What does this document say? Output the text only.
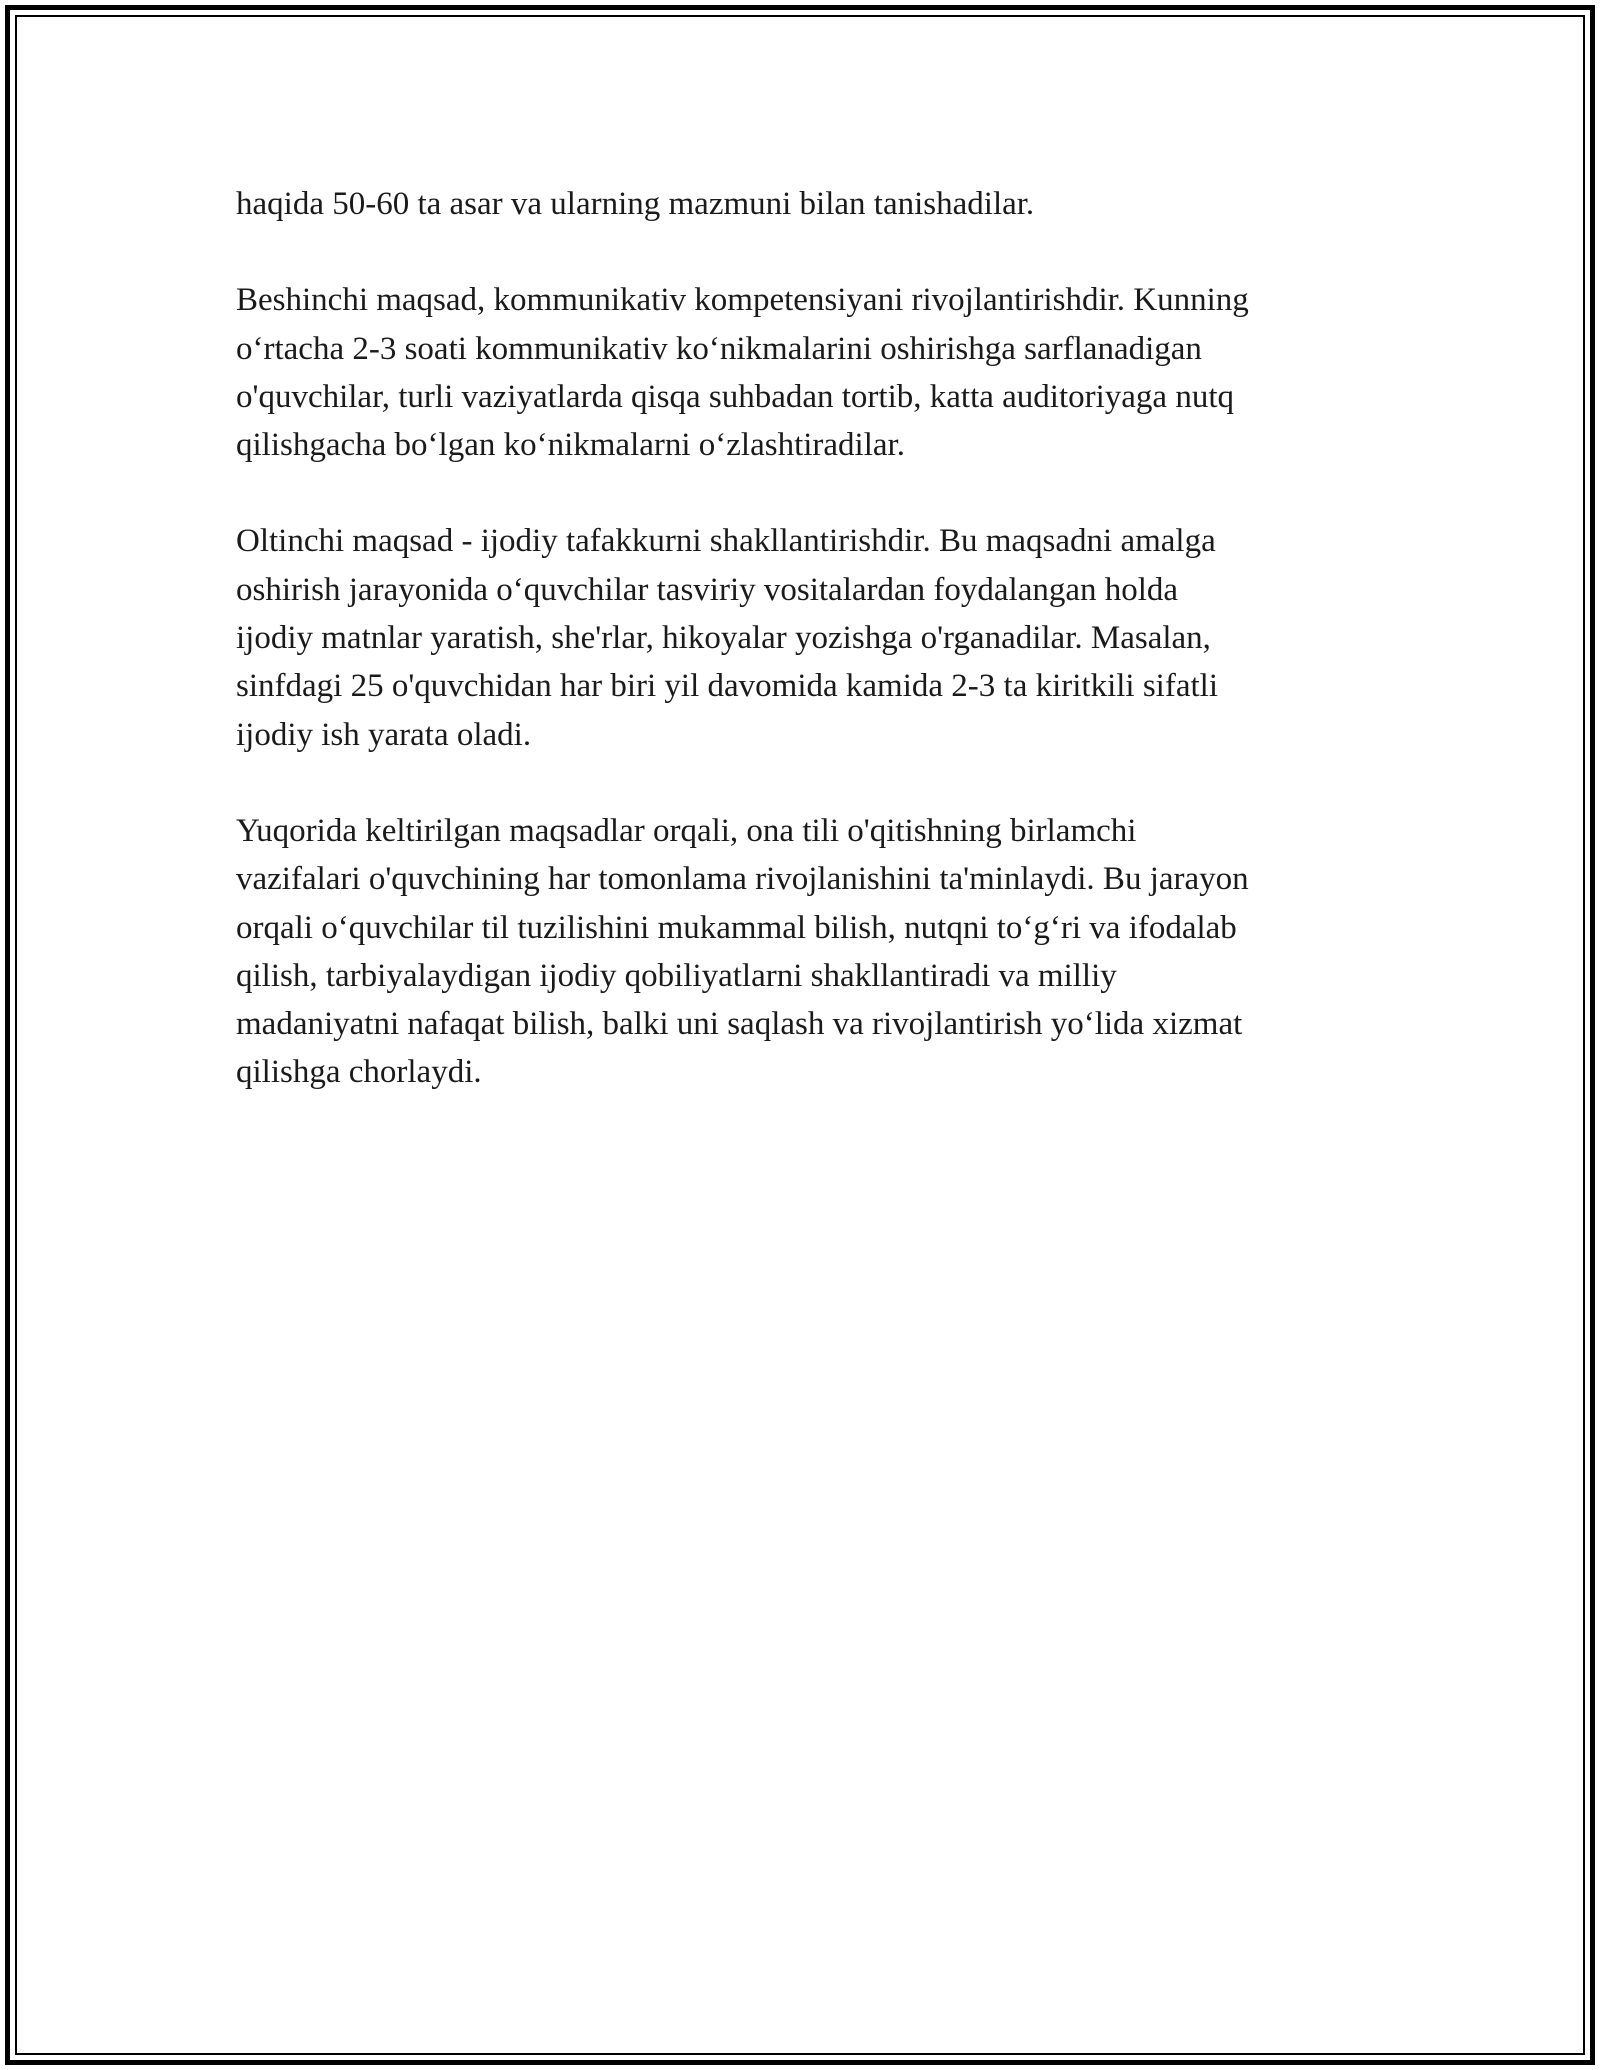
haqida 50-60 ta asar va ularning mazmuni bilan tanishadilar.

Beshinchi maqsad, kommunikativ kompetensiyani rivojlantirishdir. Kunning
o‘rtacha 2-3 soati kommunikativ ko‘nikmalarini oshirishga sarflanadigan
o'quvchilar, turli vaziyatlarda qisqa suhbadan tortib, katta auditoriyaga nutq
qilishgacha bo‘lgan ko‘nikmalarni o‘zlashtiradilar.

Oltinchi maqsad - ijodiy tafakkurni shakllantirishdir. Bu maqsadni amalga
oshirish jarayonida o‘quvchilar tasviriy vositalardan foydalangan holda
ijodiy matnlar yaratish, she'rlar, hikoyalar yozishga o'rganadilar. Masalan,
sinfdagi 25 o'quvchidan har biri yil davomida kamida 2-3 ta kiritkili sifatli
ijodiy ish yarata oladi.

Yuqorida keltirilgan maqsadlar orqali, ona tili o'qitishning birlamchi
vazifalari o'quvchining har tomonlama rivojlanishini ta'minlaydi. Bu jarayon
orqali o‘quvchilar til tuzilishini mukammal bilish, nutqni to‘g‘ri va ifodalab
qilish, tarbiyalaydigan ijodiy qobiliyatlarni shakllantiradi va milliy
madaniyatni nafaqat bilish, balki uni saqlash va rivojlantirish yo‘lida xizmat
qilishga chorlaydi.
